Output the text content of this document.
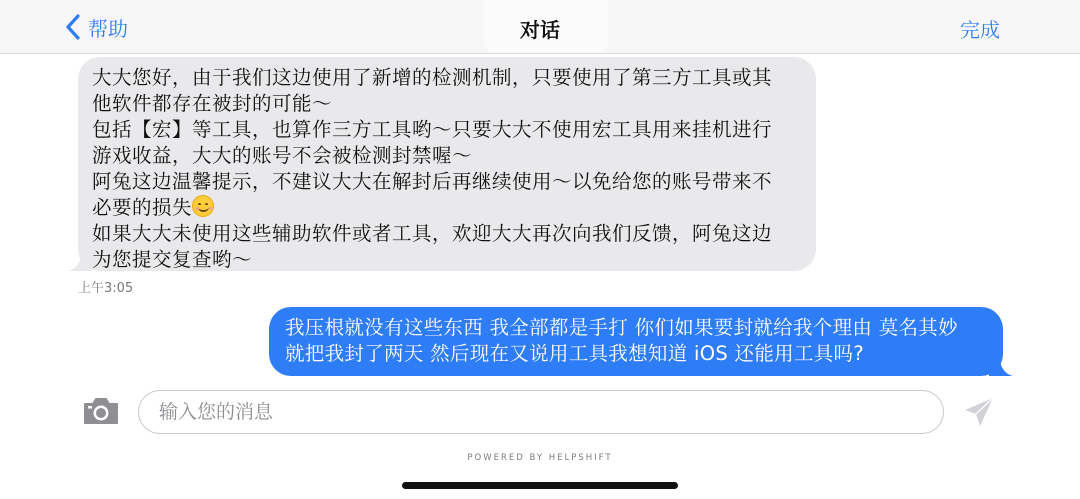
帮助	对话	完成

大大您好，由于我们这边使用了新增的检测机制，只要使用了第三方工具或其
他软件都存在被封的可能～
包括【宏】等工具，也算作三方工具哟～只要大大不使用宏工具用来挂机进行
游戏收益，大大的账号不会被检测封禁喔～
阿兔这边温馨提示，不建议大大在解封后再继续使用～以免给您的账号带来不
必要的损失

如果大大未使用这些辅助软件或者工具，欢迎大大再次向我们反馈，阿兔这边
为您提交复查哟～

上午3:05

我压根就没有这些东西 我全部都是手打 你们如果要封就给我个理由 莫名其妙
就把我封了两天 然后现在又说用工具我想知道 iOS 还能用工具吗?

输入您的消息
POWERED BY HELPSHIFT
